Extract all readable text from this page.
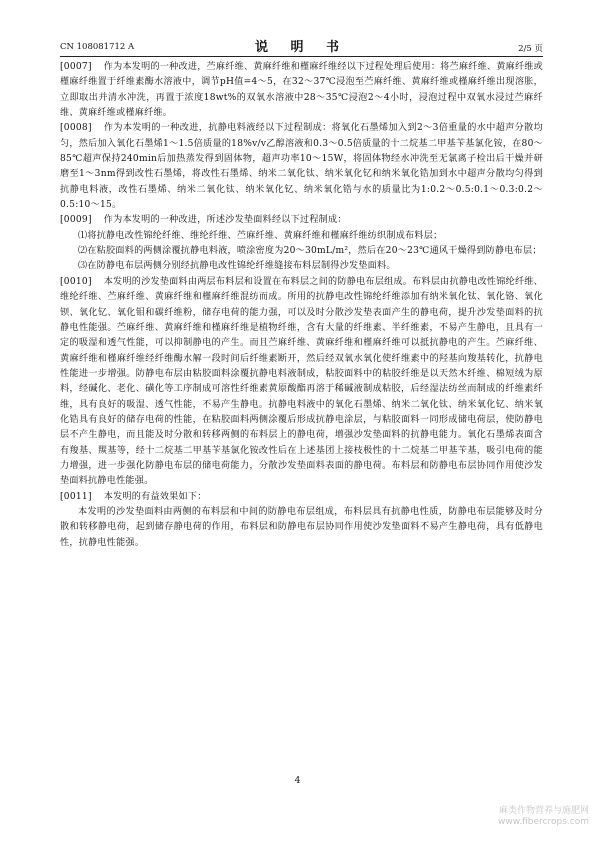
CN 108081712 A	说 明 书	2/5 页

[0007] 作为本发明的一种改进，苎麻纤维、黄麻纤维和槿麻纤维经以下过程处理后使用：将苎麻纤维、黄麻纤维或槿麻纤维置于纤维素酶水溶液中，调节pH值=4～5，在32～37℃浸泡至苎麻纤维、黄麻纤维或槿麻纤维出现溶胀，立即取出并清水冲洗，再置于浓度18wt%的双氧水溶液中28～35℃浸泡2～4小时，浸泡过程中双氧水浸过苎麻纤维、黄麻纤维或槿麻纤维。

[0008] 作为本发明的一种改进，抗静电料液经以下过程制成：将氧化石墨烯加入到2～3倍重量的水中超声分散均匀，然后加入氧化石墨烯1～1.5倍质量的18%v/v乙醇溶液和0.3～0.5倍质量的十二烷基二甲基苄基氯化铵，在80～85℃超声保持240min后加热蒸发得到固体物，超声功率10～15W，将固体物经水冲洗至无氯离子检出后干燥并研磨至1～3nm得到改性石墨烯，将改性石墨烯、纳米二氧化钛、纳米氧化钇和纳米氧化锆加到水中超声分散均匀得到抗静电料液，改性石墨烯、纳米二氧化钛、纳米氧化钇、纳米氧化锆与水的质量比为1:0.2～0.5:0.1～0.3:0.2～0.5:10～15。

[0009] 作为本发明的一种改进，所述沙发垫面料经以下过程制成：

⑴将抗静电改性锦纶纤维、维纶纤维、苎麻纤维、黄麻纤维和槿麻纤维纺织制成布料层；

⑵在粘胶面料的两侧涂覆抗静电料液，喷涂密度为20～30mL/m²，然后在20～23℃通风干燥得到防静电布层；

⑶在防静电布层两侧分别经抗静电改性锦纶纤维缝接布料层制得沙发垫面料。

[0010] 本发明的沙发垫面料由两层布料层和设置在布料层之间的防静电布层组成。布料层由抗静电改性锦纶纤维、维纶纤维、苎麻纤维、黄麻纤维和槿麻纤维混纺而成。所用的抗静电改性锦纶纤维添加有纳米氧化钛、氧化铬、氧化钡、氧化钇、氧化钼和碳纤维粉，储存电荷的能力强，可以及时分散沙发垫表面产生的静电荷，提升沙发垫面料的抗静电性能强。苎麻纤维、黄麻纤维和槿麻纤维是植物纤维，含有大量的纤维素、半纤维素，不易产生静电，且具有一定的吸湿和透气性能，可以抑制静电的产生。而且苎麻纤维、黄麻纤维和槿麻纤维可以抵抗静电的产生。苎麻纤维、黄麻纤维和槿麻纤维经纤维酶水解一段时间后纤维素断开，然后经双氧水氧化使纤维素中的羟基向羧基转化，抗静电性能进一步增强。防静电布层由粘胶面料涂覆抗静电料液制成，粘胶面料中的粘胶纤维是以天然木纤维、棉短绒为原料，经碱化、老化、磺化等工序制成可溶性纤维素黄原酸酯再溶于稀碱液制成粘胶，后经湿法纺丝而制成的纤维素纤维，具有良好的吸湿、透气性能，不易产生静电。抗静电料液中的氧化石墨烯、纳米二氧化钛、纳米氧化钇、纳米氧化锆具有良好的储存电荷的性能，在粘胶面料两侧涂覆后形成抗静电涂层，与粘胶面料一同形成储电荷层，使防静电层不产生静电，而且能及时分散和转移两侧的布料层上的静电荷，增强沙发垫面料的抗静电能力。氧化石墨烯表面含有羧基、羰基等，经十二烷基二甲基苄基氯化铵改性后在上述基团上接枝极性的十二烷基二甲基苄基，吸引电荷的能力增强，进一步强化防静电布层的储电荷能力，分散沙发垫面料表面的静电荷。布料层和防静电布层协同作用使沙发垫面料抗静电性能强。

[0011] 本发明的有益效果如下：

本发明的沙发垫面料由两侧的布料层和中间的防静电布层组成，布料层具有抗静电性质，防静电布层能够及时分散和转移静电荷，起到储存静电荷的作用，布料层和防静电布层协同作用使沙发垫面料不易产生静电荷，具有低静电性，抗静电性能强。

4
麻类作物营养与施肥网
www.fibercrops.com
